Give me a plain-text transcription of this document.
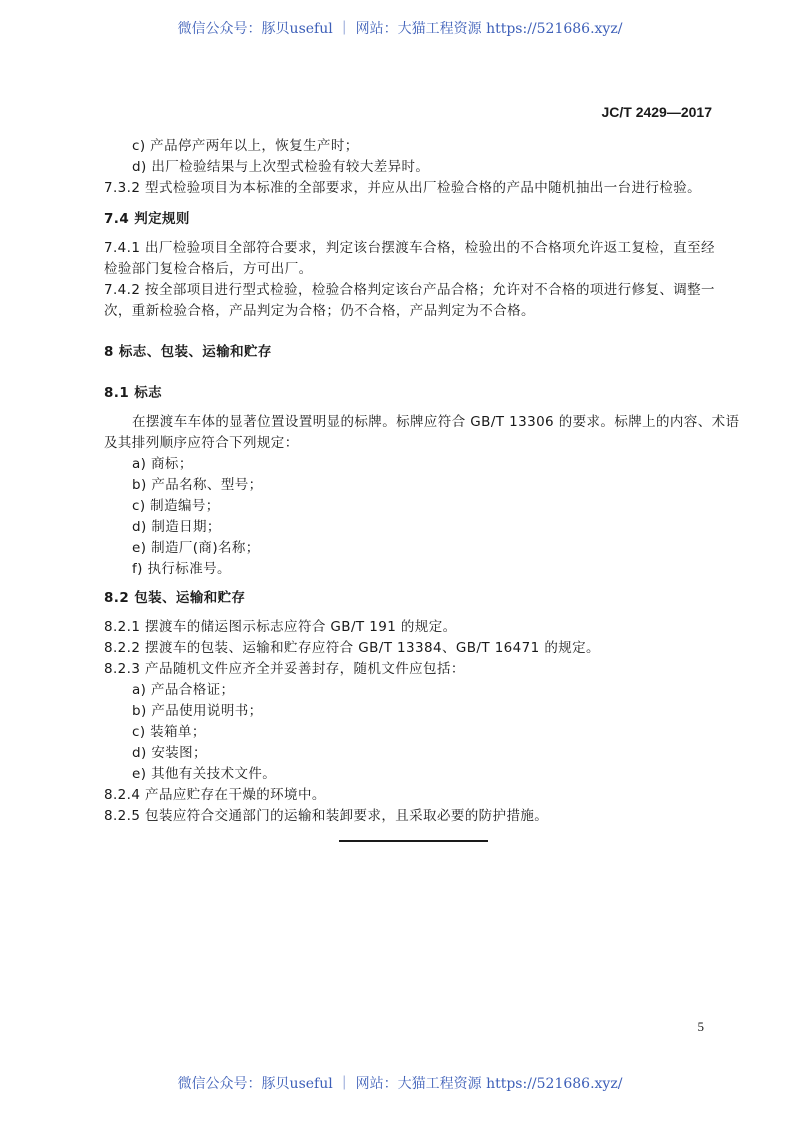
微信公众号：豚贝useful ｜ 网站：大猫工程资源 https://521686.xyz/
JC/T 2429—2017
c) 产品停产两年以上，恢复生产时；
d) 出厂检验结果与上次型式检验有较大差异时。
7.3.2 型式检验项目为本标准的全部要求，并应从出厂检验合格的产品中随机抽出一台进行检验。
7.4 判定规则
7.4.1 出厂检验项目全部符合要求，判定该台摆渡车合格，检验出的不合格项允许返工复检，直至经
检验部门复检合格后，方可出厂。
7.4.2 按全部项目进行型式检验，检验合格判定该台产品合格；允许对不合格的项进行修复、调整一
次，重新检验合格，产品判定为合格；仍不合格，产品判定为不合格。
8 标志、包装、运输和贮存
8.1 标志
在摆渡车车体的显著位置设置明显的标牌。标牌应符合 GB/T 13306 的要求。标牌上的内容、术语
及其排列顺序应符合下列规定：
a) 商标；
b) 产品名称、型号；
c) 制造编号；
d) 制造日期；
e) 制造厂(商)名称；
f) 执行标准号。
8.2 包装、运输和贮存
8.2.1 摆渡车的储运图示标志应符合 GB/T 191 的规定。
8.2.2 摆渡车的包装、运输和贮存应符合 GB/T 13384、GB/T 16471 的规定。
8.2.3 产品随机文件应齐全并妥善封存，随机文件应包括：
a) 产品合格证；
b) 产品使用说明书；
c) 装箱单；
d) 安装图；
e) 其他有关技术文件。
8.2.4 产品应贮存在干燥的环境中。
8.2.5 包装应符合交通部门的运输和装卸要求，且采取必要的防护措施。
5
微信公众号：豚贝useful ｜ 网站：大猫工程资源 https://521686.xyz/
